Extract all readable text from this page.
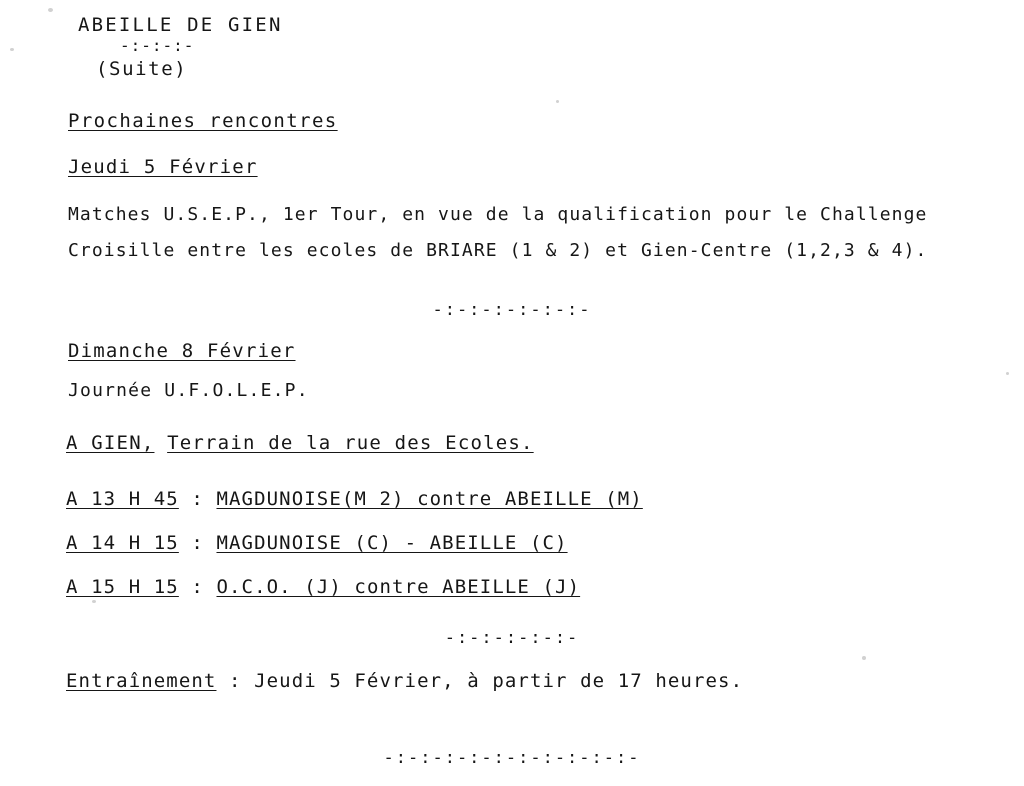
ABEILLE DE GIEN
-:-:-:-
(Suite)
Prochaines rencontres
Jeudi 5 Février
Matches U.S.E.P., 1er Tour, en vue de la qualification pour le Challenge
Croisille entre les ecoles de BRIARE (1 & 2) et Gien-Centre (1,2,3 & 4).
-:-:-:-:-:-:-
Dimanche 8 Février
Journée U.F.O.L.E.P.
A GIEN, Terrain de la rue des Ecoles.
A 13 H 45 : MAGDUNOISE(M 2) contre ABEILLE (M)
A 14 H 15 : MAGDUNOISE (C) - ABEILLE (C)
A 15 H 15 : O.C.O. (J) contre ABEILLE (J)
-:-:-:-:-:-
Entraînement : Jeudi 5 Février, à partir de 17 heures.
-:-:-:-:-:-:-:-:-:-:-
